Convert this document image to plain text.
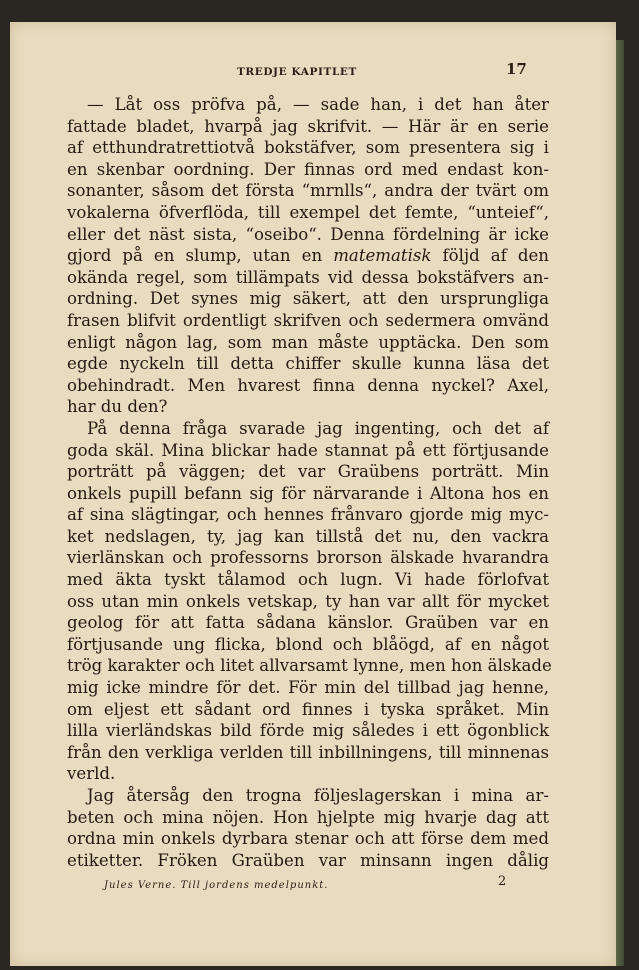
TREDJE KAPITLET	17
— Låt oss pröfva på, — sade han, i det han åter
fattade bladet, hvarpå jag skrifvit. — Här är en serie
af etthundratrettiotvå bokstäfver, som presentera sig i
en skenbar oordning. Der finnas ord med endast kon-
sonanter, såsom det första “mrnlls“, andra der tvärt om
vokalerna öfverflöda, till exempel det femte, “unteief“,
eller det näst sista, “oseibo“. Denna fördelning är icke
gjord på en slump, utan en matematisk följd af den
okända regel, som tillämpats vid dessa bokstäfvers an-
ordning. Det synes mig säkert, att den ursprungliga
frasen blifvit ordentligt skrifven och sedermera omvänd
enligt någon lag, som man måste upptäcka. Den som
egde nyckeln till detta chiffer skulle kunna läsa det
obehindradt. Men hvarest finna denna nyckel? Axel,
har du den?
På denna fråga svarade jag ingenting, och det af
goda skäl. Mina blickar hade stannat på ett förtjusande
porträtt på väggen; det var Graübens porträtt. Min
onkels pupill befann sig för närvarande i Altona hos en
af sina slägtingar, och hennes frånvaro gjorde mig myc-
ket nedslagen, ty, jag kan tillstå det nu, den vackra
vierlänskan och professorns brorson älskade hvarandra
med äkta tyskt tålamod och lugn. Vi hade förlofvat
oss utan min onkels vetskap, ty han var allt för mycket
geolog för att fatta sådana känslor. Graüben var en
förtjusande ung flicka, blond och blåögd, af en något
trög karakter och litet allvarsamt lynne, men hon älskade
mig icke mindre för det. För min del tillbad jag henne,
om eljest ett sådant ord finnes i tyska språket. Min
lilla vierländskas bild förde mig således i ett ögonblick
från den verkliga verlden till inbillningens, till minnenas
verld.
Jag återsåg den trogna följeslagerskan i mina ar-
beten och mina nöjen. Hon hjelpte mig hvarje dag att
ordna min onkels dyrbara stenar och att förse dem med
etiketter. Fröken Graüben var minsann ingen dålig
Jules Verne. Till jordens medelpunkt.	2
